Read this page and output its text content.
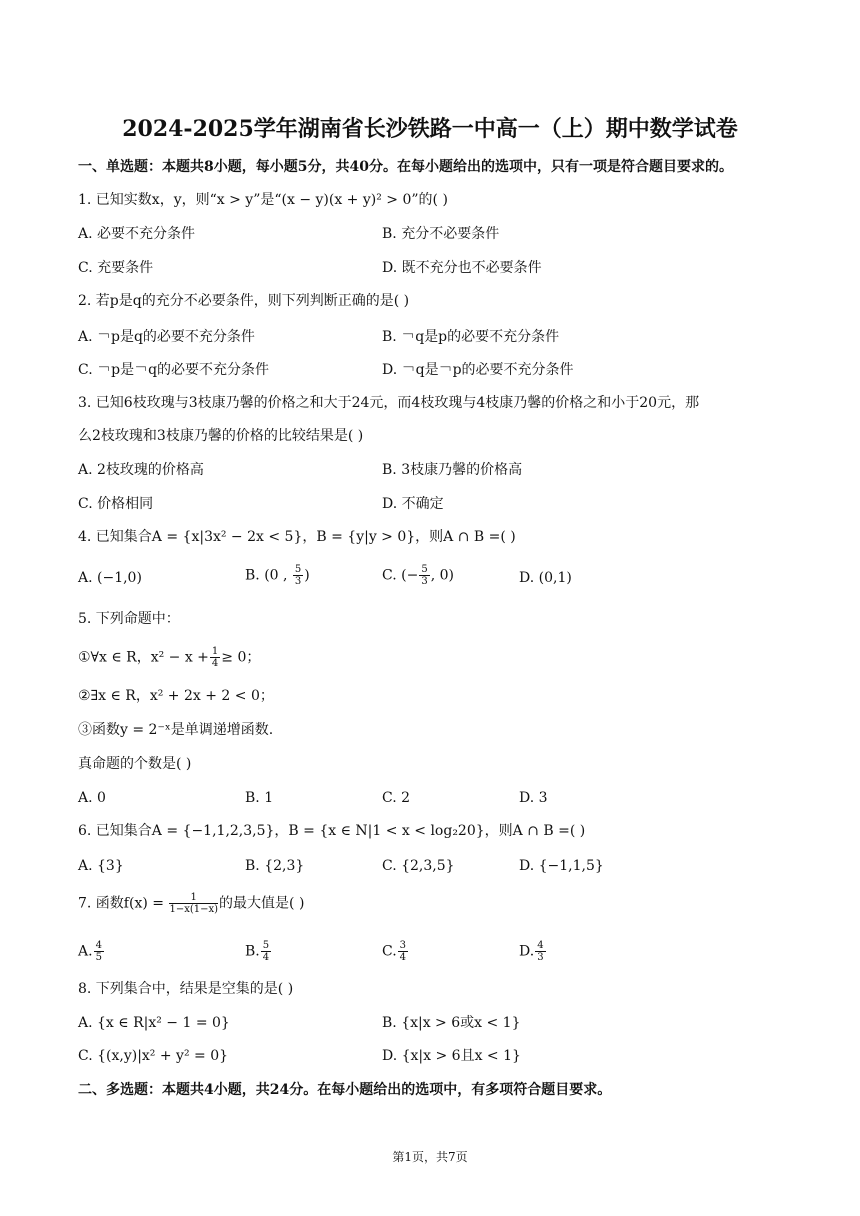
2024-2025学年湖南省长沙铁路一中高一（上）期中数学试卷
一、单选题：本题共8小题，每小题5分，共40分。在每小题给出的选项中，只有一项是符合题目要求的。
1. 已知实数x，y，则“x > y”是“(x − y)(x + y)² > 0”的( )
A. 必要不充分条件	B. 充分不必要条件
C. 充要条件	D. 既不充分也不必要条件
2. 若p是q的充分不必要条件，则下列判断正确的是( )
A. ￢p是q的必要不充分条件	B. ￢q是p的必要不充分条件
C. ￢p是￢q的必要不充分条件	D. ￢q是￢p的必要不充分条件
3. 已知6枝玫瑰与3枝康乃馨的价格之和大于24元，而4枝玫瑰与4枝康乃馨的价格之和小于20元，那
么2枝玫瑰和3枝康乃馨的价格的比较结果是( )
A. 2枝玫瑰的价格高	B. 3枝康乃馨的价格高
C. 价格相同	D. 不确定
4. 已知集合A = {x|3x² − 2x < 5}，B = {y|y > 0}，则A ∩ B =( )
A. (−1,0)	B. (0 , $\frac{5}{3}$ )	C. (− $\frac{5}{3}$ , 0)	D. (0,1)
5. 下列命题中：
①∀x ∈ R，$x^2 - x + \frac{1}{4} \ge 0$；
②∃x ∈ R，x² + 2x + 2 < 0；
③函数y = 2⁻ˣ是单调递增函数.
真命题的个数是( )
A. 0	B. 1	C. 2	D. 3
6. 已知集合A = {−1,1,2,3,5}，B = {x ∈ N|1 < x < log₂20}，则A ∩ B =( )
A. {3}	B. {2,3}	C. {2,3,5}	D. {−1,1,5}
7. 函数$f(x) = \frac{1}{1-x(1-x)}$ 的最大值是( )
A. $\frac{4}{5}$	B. $\frac{5}{4}$	C. $\frac{3}{4}$	D. $\frac{4}{3}$
8. 下列集合中，结果是空集的是( )
A. {x ∈ R|x² − 1 = 0}	B. {x|x > 6或x < 1}
C. {(x,y)|x² + y² = 0}	D. {x|x > 6且x < 1}
二、多选题：本题共4小题，共24分。在每小题给出的选项中，有多项符合题目要求。
第1页，共7页
